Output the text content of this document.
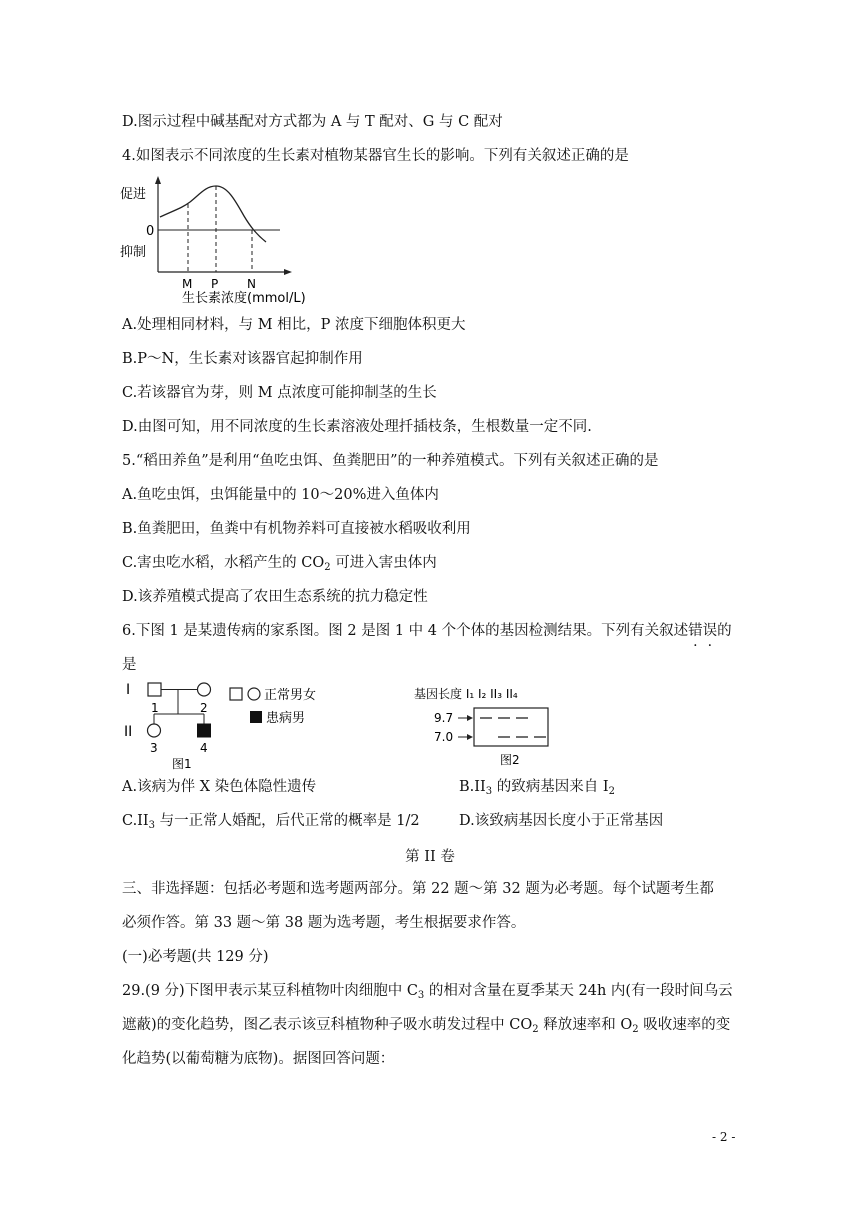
D.图示过程中碱基配对方式都为 A 与 T 配对、G 与 C 配对
4.如图表示不同浓度的生长素对植物某器官生长的影响。下列有关叙述正确的是
促进
0
抑制
M P N
生长素浓度(mmol/L)
A.处理相同材料，与 M 相比，P 浓度下细胞体积更大
B.P～N，生长素对该器官起抑制作用
C.若该器官为芽，则 M 点浓度可能抑制茎的生长
D.由图可知，用不同浓度的生长素溶液处理扦插枝条，生根数量一定不同.
5.“稻田养鱼”是利用“鱼吃虫饵、鱼粪肥田”的一种养殖模式。下列有关叙述正确的是
A.鱼吃虫饵，虫饵能量中的 10～20%进入鱼体内
B.鱼粪肥田，鱼粪中有机物养料可直接被水稻吸收利用
C.害虫吃水稻，水稻产生的 $CO_2$ 可进入害虫体内
D.该养殖模式提高了农田生态系统的抗力稳定性
6.下图 1 是某遗传病的家系图。图 2 是图 1 中 4 个个体的基因检测结果。下列有关叙述错误的
是
I
1	2
II
3	4
图1
正常男女
患病男
基因长度 I₁ I₂ II₃ II₄
9.7
7.0
图2
A.该病为伴 X 染色体隐性遗传	$B.II_3$ 的致病基因来自 $I_2$
$C.II_3$ 与一正常人婚配，后代正常的概率是 1/2	D.该致病基因长度小于正常基因
第 II 卷
三、非选择题：包括必考题和选考题两部分。第 22 题～第 32 题为必考题。每个试题考生都
必须作答。第 33 题～第 38 题为选考题，考生根据要求作答。
(一)必考题(共 129 分)
29.(9 分)下图甲表示某豆科植物叶肉细胞中 $C_3$ 的相对含量在夏季某天 24h 内(有一段时间乌云
遮蔽)的变化趋势，图乙表示该豆科植物种子吸水萌发过程中 $CO_2$ 释放速率和 $O_2$ 吸收速率的变
化趋势(以葡萄糖为底物)。据图回答问题：
- 2 -
